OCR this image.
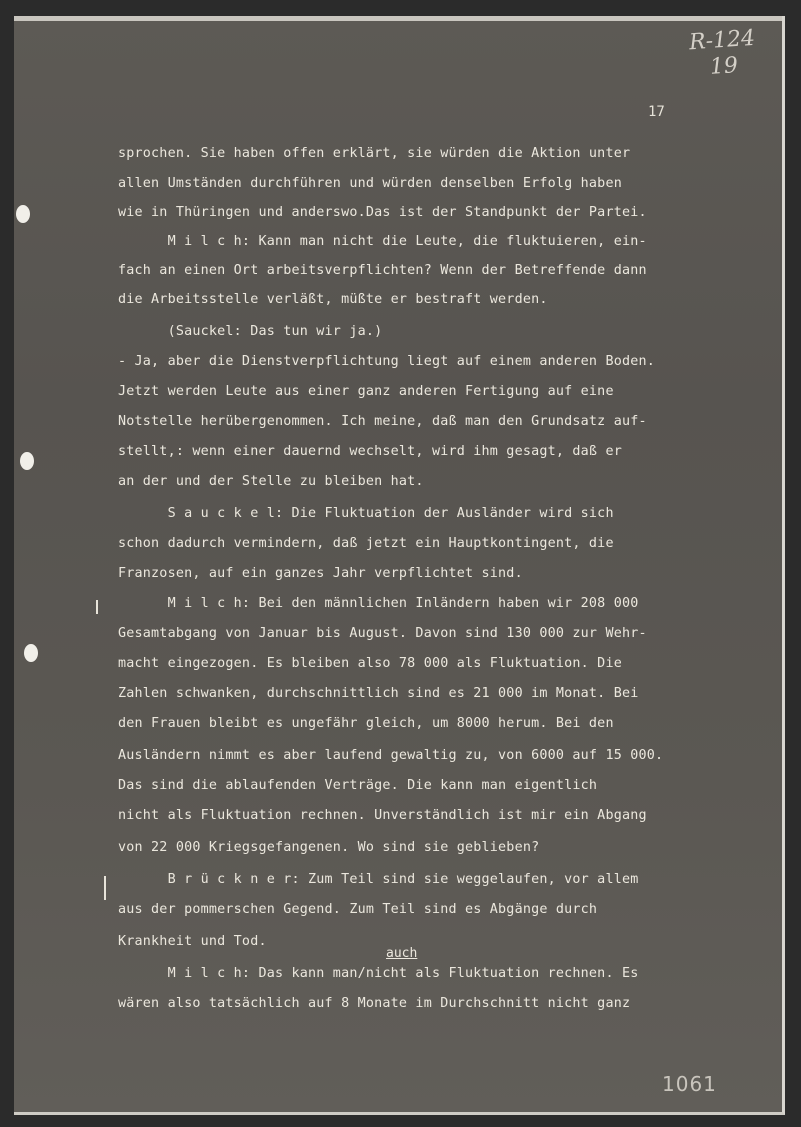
R-124
19
17
sprochen. Sie haben offen erklärt, sie würden die Aktion unter
allen Umständen durchführen und würden denselben Erfolg haben
wie in Thüringen und anderswo.Das ist der Standpunkt der Partei.
M i l c h: Kann man nicht die Leute, die fluktuieren, ein-
fach an einen Ort arbeitsverpflichten? Wenn der Betreffende dann
die Arbeitsstelle verläßt, müßte er bestraft werden.
(Sauckel: Das tun wir ja.)
- Ja, aber die Dienstverpflichtung liegt auf einem anderen Boden.
Jetzt werden Leute aus einer ganz anderen Fertigung auf eine
Notstelle herübergenommen. Ich meine, daß man den Grundsatz auf-
stellt,: wenn einer dauernd wechselt, wird ihm gesagt, daß er
an der und der Stelle zu bleiben hat.
S a u c k e l: Die Fluktuation der Ausländer wird sich
schon dadurch vermindern, daß jetzt ein Hauptkontingent, die
Franzosen, auf ein ganzes Jahr verpflichtet sind.
M i l c h: Bei den männlichen Inländern haben wir 208 000
Gesamtabgang von Januar bis August. Davon sind 130 000 zur Wehr-
macht eingezogen. Es bleiben also 78 000 als Fluktuation. Die
Zahlen schwanken, durchschnittlich sind es 21 000 im Monat. Bei
den Frauen bleibt es ungefähr gleich, um 8000 herum. Bei den
Ausländern nimmt es aber laufend gewaltig zu, von 6000 auf 15 000.
Das sind die ablaufenden Verträge. Die kann man eigentlich
nicht als Fluktuation rechnen. Unverständlich ist mir ein Abgang
von 22 000 Kriegsgefangenen. Wo sind sie geblieben?
B r ü c k n e r: Zum Teil sind sie weggelaufen, vor allem
aus der pommerschen Gegend. Zum Teil sind es Abgänge durch
Krankheit und Tod.
M i l c h: Das kann man/nicht als Fluktuation rechnen. Es
wären also tatsächlich auf 8 Monate im Durchschnitt nicht ganz
auch
1061
